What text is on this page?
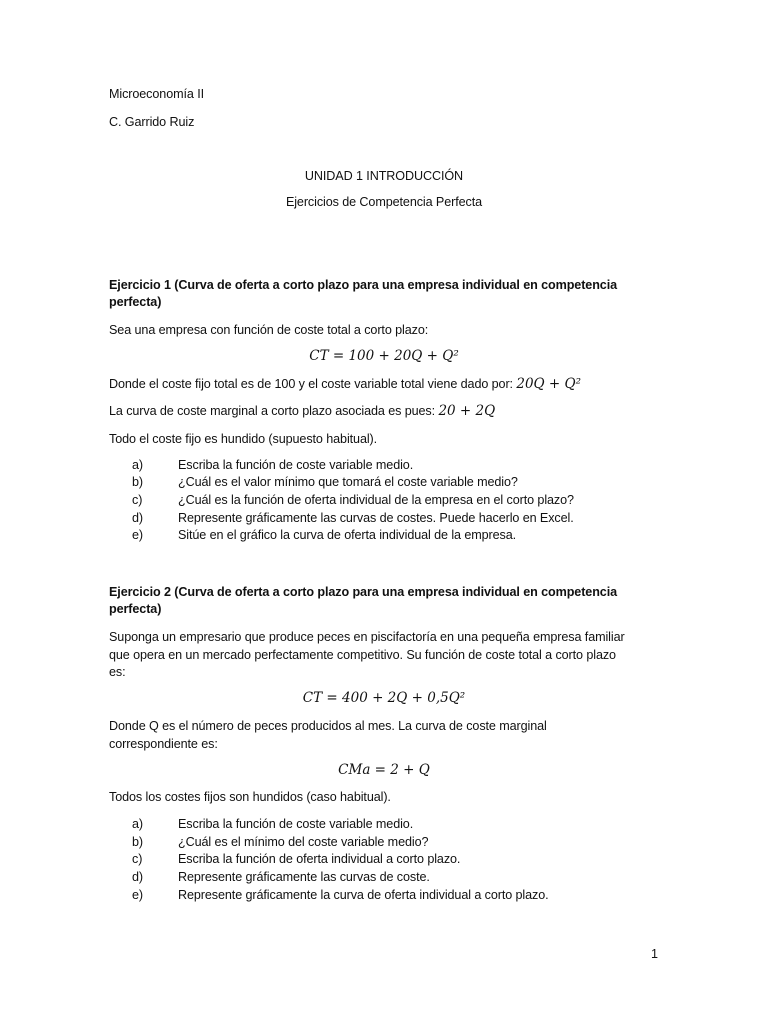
Microeconomía II
C. Garrido Ruiz
UNIDAD 1 INTRODUCCIÓN
Ejercicios de Competencia Perfecta
Ejercicio 1 (Curva de oferta a corto plazo para una empresa individual en competencia
perfecta)
Sea una empresa con función de coste total a corto plazo:
CT = 100 + 20Q + Q²
Donde el coste fijo total es de 100 y el coste variable total viene dado por: 20Q + Q²
La curva de coste marginal a corto plazo asociada es pues: 20 + 2Q
Todo el coste fijo es hundido (supuesto habitual).
a)	Escriba la función de coste variable medio.
b)	¿Cuál es el valor mínimo que tomará el coste variable medio?
c)	¿Cuál es la función de oferta individual de la empresa en el corto plazo?
d)	Represente gráficamente las curvas de costes. Puede hacerlo en Excel.
e)	Sitúe en el gráfico la curva de oferta individual de la empresa.
Ejercicio 2 (Curva de oferta a corto plazo para una empresa individual en competencia
perfecta)
Suponga un empresario que produce peces en piscifactoría en una pequeña empresa familiar
que opera en un mercado perfectamente competitivo. Su función de coste total a corto plazo
es:
CT = 400 + 2Q + 0,5Q²
Donde Q es el número de peces producidos al mes. La curva de coste marginal
correspondiente es:
CMa = 2 + Q
Todos los costes fijos son hundidos (caso habitual).
a)	Escriba la función de coste variable medio.
b)	¿Cuál es el mínimo del coste variable medio?
c)	Escriba la función de oferta individual a corto plazo.
d)	Represente gráficamente las curvas de coste.
e)	Represente gráficamente la curva de oferta individual a corto plazo.
1
